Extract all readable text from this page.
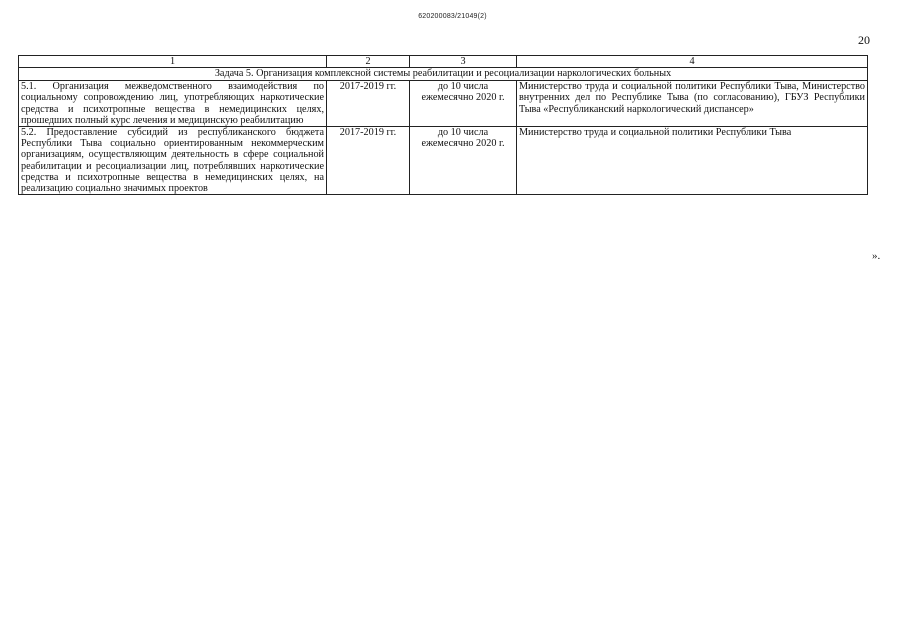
620200083/21049(2)
20
1	2	3	4
Задача 5. Организация комплексной системы реабилитации и ресоциализации наркологических больных			
5.1. Организация межведомственного взаимодействия по социальному сопровождению лиц, употребляющих наркотические средства и психотропные вещества в немедицинских целях, прошедших полный курс лечения и медицинскую реабилитацию	2017-2019 гг.	до 10 числа ежемесячно 2020 г.	Министерство труда и социальной политики Республики Тыва, Министерство внутренних дел по Республике Тыва (по согласованию), ГБУЗ Республики Тыва «Республиканский наркологический диспансер»
5.2. Предоставление субсидий из республиканского бюджета Республики Тыва социально ориентированным некоммерческим организациям, осуществляющим деятельность в сфере социальной реабилитации и ресоциализации лиц, потреблявших наркотические средства и психотропные вещества в немедицинских целях, на реализацию социально значимых проектов	2017-2019 гг.	до 10 числа ежемесячно 2020 г.	Министерство труда и социальной политики Республики Тыва
».
